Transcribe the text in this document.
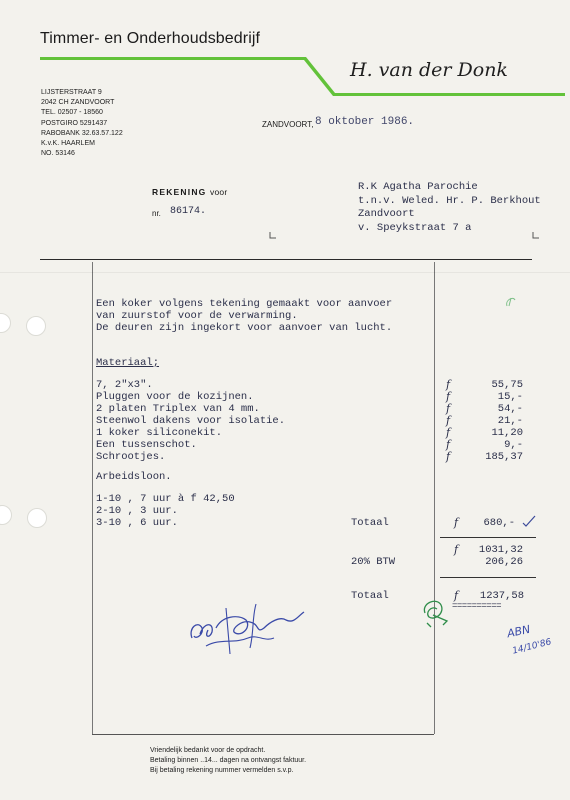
Timmer- en Onderhoudsbedrijf
H. van der Donk
LIJSTERSTRAAT 9
2042 CH ZANDVOORT
TEL. 02507 - 18560
POSTGIRO 5291437
RABOBANK 32.63.57.122
K.v.K. HAARLEM
NO. 53146
ZANDVOORT, 8 oktober 1986.
REKENING voor
nr. 86174.
R.K Agatha Parochie
t.n.v. Weled. Hr. P. Berkhout
Zandvoort
v. Speykstraat 7 a
Een koker volgens tekening gemaakt voor aanvoer
van zuurstof voor de verwarming.
De deuren zijn ingekort voor aanvoer van lucht.
Materiaal;
7, 2"x3".	f	55,75
Pluggen voor de kozijnen.	f	15,-
2 platen Triplex van 4 mm.	f	54,-
Steenwol dakens voor isolatie.	f	21,-
1 koker siliconekit.	f	11,20
Een tussenschot.	f	9,-
Schrootjes.	f	185,37
Arbeidsloon.
1-10 , 7 uur à f 42,50
2-10 , 3 uur.
3-10 , 6 uur.	Totaal	f	680,-
f	1031,32
20% BTW	206,26
Totaal	f	1237,58
==========
ABN
14/10'86
Vriendelijk bedankt voor de opdracht.
Betaling binnen ..14... dagen na ontvangst faktuur.
Bij betaling rekening nummer vermelden s.v.p.
